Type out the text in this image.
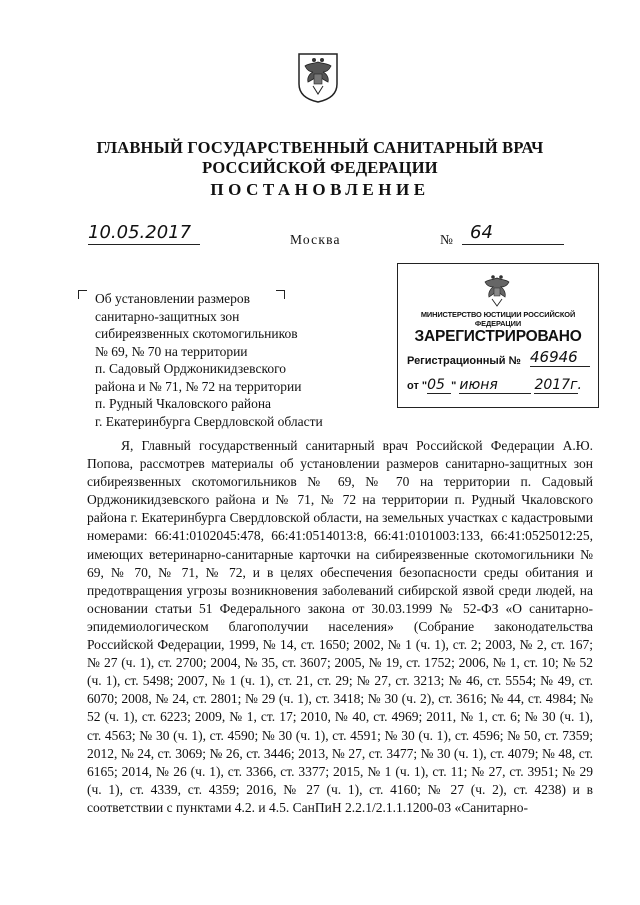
ГЛАВНЫЙ ГОСУДАРСТВЕННЫЙ САНИТАРНЫЙ ВРАЧ
РОССИЙСКОЙ ФЕДЕРАЦИИ
ПОСТАНОВЛЕНИЕ
10.05.2017	Москва	№ 64
Об установлении размеров
санитарно-защитных зон
сибиреязвенных скотомогильников
№ 69, № 70 на территории
п. Садовый Орджоникидзевского
района и № 71, № 72 на территории
п. Рудный Чкаловского района
г. Екатеринбурга Свердловской области
МИНИСТЕРСТВО ЮСТИЦИИ РОССИЙСКОЙ ФЕДЕРАЦИИ
ЗАРЕГИСТРИРОВАНО
Регистрационный № 46946
от "05 " июня	2017г.

Я, Главный государственный санитарный врач Российской Федерации А.Ю. Попова, рассмотрев материалы об установлении размеров санитарно-защитных зон сибиреязвенных скотомогильников № 69, № 70 на территории п. Садовый Орджоникидзевского района и № 71, № 72 на территории п. Рудный Чкаловского района г. Екатеринбурга Свердловской области, на земельных участках с кадастровыми номерами: 66:41:0102045:478, 66:41:0514013:8, 66:41:0101003:133, 66:41:0525012:25, имеющих ветеринарно-санитарные карточки на сибиреязвенные скотомогильники № 69, № 70, № 71, № 72, и в целях обеспечения безопасности среды обитания и предотвращения угрозы возникновения заболеваний сибирской язвой среди людей, на основании статьи 51 Федерального закона от 30.03.1999 № 52-ФЗ «О санитарно-эпидемиологическом благополучии населения» (Собрание законодательства Российской Федерации, 1999, № 14, ст. 1650; 2002, № 1 (ч. 1), ст. 2; 2003, № 2, ст. 167; № 27 (ч. 1), ст. 2700; 2004, № 35, ст. 3607; 2005, № 19, ст. 1752; 2006, № 1, ст. 10; № 52 (ч. 1), ст. 5498; 2007, № 1 (ч. 1), ст. 21, ст. 29; № 27, ст. 3213; № 46, ст. 5554; № 49, ст. 6070; 2008, № 24, ст. 2801; № 29 (ч. 1), ст. 3418; № 30 (ч. 2), ст. 3616; № 44, ст. 4984; № 52 (ч. 1), ст. 6223; 2009, № 1, ст. 17; 2010, № 40, ст. 4969; 2011, № 1, ст. 6; № 30 (ч. 1), ст. 4563; № 30 (ч. 1), ст. 4590; № 30 (ч. 1), ст. 4591; № 30 (ч. 1), ст. 4596; № 50, ст. 7359; 2012, № 24, ст. 3069; № 26, ст. 3446; 2013, № 27, ст. 3477; № 30 (ч. 1), ст. 4079; № 48, ст. 6165; 2014, № 26 (ч. 1), ст. 3366, ст. 3377; 2015, № 1 (ч. 1), ст. 11; № 27, ст. 3951; № 29 (ч. 1), ст. 4339, ст. 4359; 2016, № 27 (ч. 1), ст. 4160; № 27 (ч. 2), ст. 4238) и в соответствии с пунктами 4.2. и 4.5. СанПиН 2.2.1/2.1.1.1200-03 «Санитарно-
